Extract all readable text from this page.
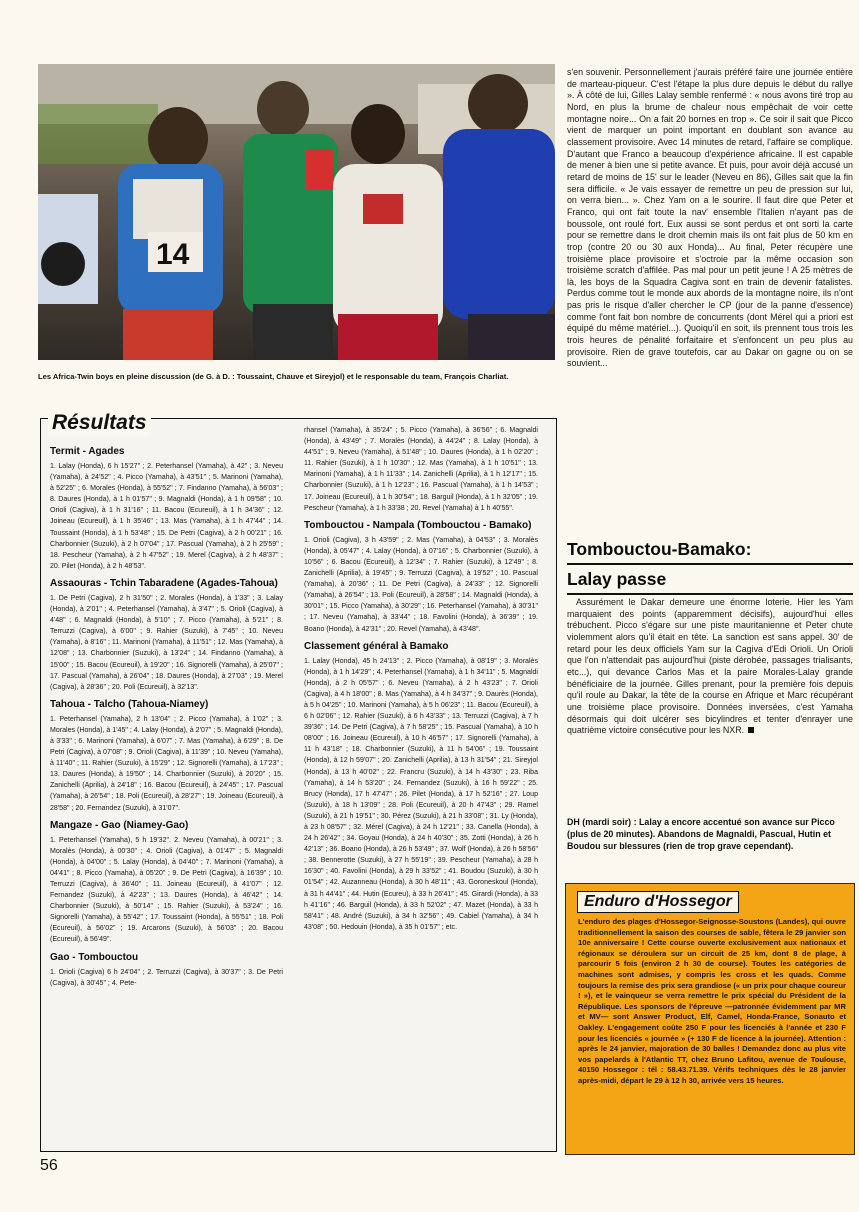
14
Les Africa-Twin boys en pleine discussion (de G. à D. : Toussaint, Chauve et Sireyjol) et le responsable du team, François Charliat.
Résultats
Termit - Agades

1. Lalay (Honda), 6 h 15'27" ; 2. Peterhansel (Yamaha), à 42" ; 3. Neveu (Yamaha), à 24'52" ; 4. Picco (Yamaha), à 43'51" ; 5. Marinoni (Yamaha), à 52'25" ; 6. Morales (Honda), à 55'52" ; 7. Findanno (Yamaha), à 56'03" ; 8. Daures (Honda), à 1 h 01'57" ; 9. Magnaldi (Honda), à 1 h 09'58" ; 10. Orioli (Cagiva), à 1 h 31'16" ; 11. Bacou (Ecureuil), à 1 h 34'36" ; 12. Joineau (Ecureuil), à 1 h 35'46" ; 13. Mas (Yamaha), à 1 h 47'44" ; 14. Toussaint (Honda), à 1 h 53'48" ; 15. De Petri (Cagiva), à 2 h 00'21" ; 16. Charbonnier (Suzuki), à 2 h 07'04" ; 17. Pascual (Yamaha), à 2 h 25'59" ; 18. Pescheur (Yamaha), à 2 h 47'52" ; 19. Merel (Cagiva), à 2 h 48'37" ; 20. Pilet (Honda), à 2 h 48'53".

Assaouras - Tchin Tabaradene (Agades-Tahoua)

1. De Petri (Cagiva), 2 h 31'50" ; 2. Morales (Honda), à 1'33" ; 3. Lalay (Honda), à 2'01" ; 4. Peterhansel (Yamaha), à 3'47" ; 5. Orioli (Cagiva), à 4'48" ; 6. Magnaldi (Honda), à 5'10" ; 7. Picco (Yamaha), à 5'21" ; 8. Terruzzi (Cagiva), à 6'00" ; 9. Rahier (Suzuki), à 7'45" ; 10. Neveu (Yamaha), à 8'16" ; 11. Marinoni (Yamaha), à 11'51" ; 12. Mas (Yamaha), à 12'08" ; 13. Charbonnier (Suzuki), à 13'24" ; 14. Findanno (Yamaha), à 15'00" ; 15. Bacou (Ecureuil), à 19'20" ; 16. Signorelli (Yamaha), à 25'07" ; 17. Pascual (Yamaha), à 26'04" ; 18. Daures (Honda), à 27'03" ; 19. Merel (Cagiva), à 28'36" ; 20. Poli (Ecureuil), à 32'13".

Tahoua - Talcho (Tahoua-Niamey)

1. Peterhansel (Yamaha), 2 h 13'04" ; 2. Picco (Yamaha), à 1'02" ; 3. Morales (Honda), à 1'45" ; 4. Lalay (Honda), à 2'07" ; 5. Magnaldi (Honda), à 3'33" ; 6. Marinoni (Yamaha), à 6'07" ; 7. Mas (Yamaha), à 6'29" ; 8. De Petri (Cagiva), à 07'08" ; 9. Orioli (Cagiva), à 11'39" ; 10. Neveu (Yamaha), à 11'40" ; 11. Rahier (Suzuki), à 15'29" ; 12. Signorelli (Yamaha), à 17'23" ; 13. Daures (Honda), à 19'50" ; 14. Charbonnier (Suzuki), à 20'20" ; 15. Zanichelli (Aprilia), à 24'18" ; 16. Bacou (Ecureuil), à 24'45" ; 17. Pascual (Yamaha), à 26'54" ; 18. Poli (Ecureuil), à 28'27" ; 19. Joineau (Ecureuil), à 28'58" ; 20. Fernandez (Suzuki), à 31'07".

Mangaze - Gao (Niamey-Gao)

1. Peterhansel (Yamaha), 5 h 19'32". 2. Neveu (Yamaha), à 00'21" ; 3. Moralès (Honda), à 00'30" ; 4. Orioli (Cagiva), à 01'47" ; 5. Magnaldi (Honda), à 04'00" ; 5. Lalay (Honda), à 04'40" ; 7. Marinoni (Yamaha), à 04'41" ; 8. Picco (Yamaha), à 05'20" ; 9. De Petri (Cagiva), à 16'39" ; 10. Terruzzi (Cagiva), à 36'40" ; 11. Joineau (Ecureuil), à 41'07" ; 12. Fernandez (Suzuki), à 42'23" ; 13. Daures (Honda), à 46'42" ; 14. Charbonnier (Suzuki), à 50'14" ; 15. Rahier (Suzuki), à 53'24" ; 16. Signorelli (Yamaha), à 55'42" ; 17. Toussaint (Honda), à 55'51" ; 18. Poli (Ecureuil), à 56'02" ; 19. Arcarons (Suzuki), à 56'03" ; 20. Bacou (Ecureuil), à 56'49".

Gao - Tombouctou

1. Orioli (Cagiva) 6 h 24'04" ; 2. Terruzzi (Cagiva), à 30'37" ; 3. De Petri (Cagiva), à 30'45" ; 4. Pete-

rhansel (Yamaha), à 35'24" ; 5. Picco (Yamaha), à 36'56" ; 6. Magnaldi (Honda), à 43'49" ; 7. Moralès (Honda), à 44'24" ; 8. Lalay (Honda), à 44'51" ; 9. Neveu (Yamaha), à 51'48" ; 10. Daures (Honda), à 1 h 02'20" ; 11. Rahier (Suzuki), à 1 h 10'30" ; 12. Mas (Yamaha), à 1 h 10'51" ; 13. Marinoni (Yamaha), à 1 h 11'33" ; 14. Zanichelli (Aprilia), à 1 h 12'17" ; 15. Charbonnier (Suzuki), à 1 h 12'23" ; 16. Pascual (Yamaha), à 1 h 14'53" ; 17. Joineau (Ecureuil), à 1 h 30'54" ; 18. Barguil (Honda), à 1 h 32'05" ; 19. Pescheur (Yamaha), à 1 h 33'38 ; 20. Revel (Yamaha) à 1 h 40'55".

Tombouctou - Nampala (Tombouctou - Bamako)

1. Orioli (Cagiva), 3 h 43'59" ; 2. Mas (Yamaha), à 04'53" ; 3. Moralès (Honda), à 05'47" ; 4. Lalay (Honda), à 07'16" ; 5. Charbonnier (Suzuki), à 10'56" ; 6. Bacou (Ecureuil), à 12'34" ; 7. Rahier (Suzuki), à 12'49" ; 8. Zanichelli (Aprilia), à 19'45" ; 9. Terruzzi (Cagiva), à 19'52" ; 10. Pascual (Yamaha), à 20'36" ; 11. De Petri (Cagiva), à 24'33" ; 12. Signorelli (Yamaha), à 26'54" ; 13. Poli (Ecureuil), à 28'58" ; 14. Magnaldi (Honda), à 30'01" ; 15. Picco (Yamaha), à 30'29" ; 16. Peterhansel (Yamaha), à 30'31" ; 17. Neveu (Yamaha), à 33'44" ; 18. Favolini (Honda), à 36'39" ; 19. Boano (Honda), à 42'31" ; 20. Revel (Yamaha), à 43'48".

Classement général à Bamako

1. Lalay (Honda), 45 h 24'13" ; 2. Picco (Yamaha), à 08'19" ; 3. Moralès (Honda), à 1 h 14'29" ; 4. Peterhansel (Yamaha), à 1 h 34'11" ; 5. Magnaldi (Honda), à 2 h 05'57" ; 6. Neveu (Yamaha), à 2 h 43'23" ; 7. Orioli (Cagiva), à 4 h 18'00" ; 8. Mas (Yamaha), à 4 h 34'37" ; 9. Daurès (Honda), à 5 h 04'25" ; 10. Marinoni (Yamaha), à 5 h 06'23" ; 11. Bacou (Ecureuil), à 6 h 02'06" ; 12. Rahier (Suzuki), à 6 h 43'33" ; 13. Terruzzi (Cagiva), à 7 h 39'36" ; 14. De Petri (Cagiva), à 7 h 58'25" ; 15. Pascual (Yamaha), à 10 h 08'00" ; 16. Joineau (Ecureuil), à 10 h 46'57" ; 17. Signorelli (Yamaha), à 11 h 43'18" ; 18. Charbonnier (Suzuki), à 11 h 54'06" ; 19. Toussaint (Honda), à 12 h 59'07" ; 20. Zanichelli (Aprilia), à 13 h 31'54" ; 21. Sireyjol (Honda), à 13 h 40'02" ; 22. Francru (Suzuki), à 14 h 43'30" ; 23. Riba (Yamaha), à 14 h 53'20" ; 24. Fernandez (Suzuki), à 16 h 59'22" ; 25. Brucy (Honda), 17 h 47'47" ; 26. Pilet (Honda), à 17 h 52'16" ; 27. Loup (Suzuki), à 18 h 13'09" ; 28. Poli (Ecureuil), à 20 h 47'43" ; 29. Ramel (Suzuki), à 21 h 19'51" ; 30. Pérez (Suzuki), à 21 h 33'08" ; 31. Ly (Honda), à 23 h 08'57" ; 32. Mérel (Cagiva), à 24 h 12'21" ; 33. Canella (Honda), à 24 h 26'42" ; 34. Goyau (Honda), à 24 h 40'30" ; 35. Zotti (Honda), à 26 h 42'13" ; 36. Boano (Honda), à 26 h 53'49" ; 37. Wolf (Honda), à 26 h 58'56" ; 38. Bennerotte (Suzuki), à 27 h 55'19" ; 39. Pescheur (Yamaha), à 28 h 16'30" ; 40. Favolini (Honda), à 29 h 33'52" ; 41. Boudou (Suzuki), à 30 h 01'54" ; 42. Auzanneau (Honda), à 30 h 48'11" ; 43. Goroneskoul (Honda), à 31 h 44'41" ; 44. Hutin (Ecureu), à 33 h 26'41" ; 45. Girardi (Honda), à 33 h 41'16" ; 46. Barguil (Honda), à 33 h 52'02" ; 47. Mazet (Honda), à 33 h 58'41" ; 48. André (Suzuki), à 34 h 32'56" ; 49. Cabiel (Yamaha), à 34 h 43'08" ; 50. Hedouin (Honda), à 35 h 01'57" ; etc.

s'en souvenir. Personnellement j'aurais préféré faire une journée entière de marteau-piqueur. C'est l'étape la plus dure depuis le début du rallye ». À côté de lui, Gilles Lalay semble renfermé : « nous avons tiré trop au Nord, en plus la brume de chaleur nous empêchait de voir cette montagne noire... On a fait 20 bornes en trop ». Ce soir il sait que Picco vient de marquer un point important en doublant son avance au classement provisoire. Avec 14 minutes de retard, l'affaire se complique. D'autant que Franco a beaucoup d'expérience africaine. Il est capable de mener à bien une si petite avance. Et puis, pour avoir déjà accusé un retard de moins de 15' sur le leader (Neveu en 86), Gilles sait que la fin sera difficile. « Je vais essayer de remettre un peu de pression sur lui, on verra bien... ». Chez Yam on a le sourire. Il faut dire que Peter et Franco, qui ont fait toute la nav' ensemble l'Italien n'ayant pas de boussole, ont roulé fort. Eux aussi se sont perdus et ont sorti la carte pour se remettre dans le droit chemin mais ils ont fait plus de 50 km en trop (contre 20 ou 30 aux Honda)... Au final, Peter récupère une troisième place provisoire et s'octroie par la même occasion son troisième scratch d'affilée. Pas mal pour un petit jeune ! A 25 mètres de là, les boys de la Squadra Cagiva sont en train de devenir fatalistes. Perdus comme tout le monde aux abords de la montagne noire, ils n'ont pas pris le risque d'aller chercher le CP (jour de la panne d'essence) comme l'ont fait bon nombre de concurrents (dont Mérel qui a priori est équipé du même matériel...). Quoiqu'il en soit, ils prennent tous trois les trois heures de pénalité forfaitaire et s'enfoncent un peu plus au provisoire. Rien de grave toutefois, car au Dakar on gagne ou on se souvient...
Tombouctou-Bamako:
Lalay passe

Assurément le Dakar demeure une énorme loterie. Hier les Yam marquaient des points (apparemment décisifs), aujourd'hui elles trébuchent. Picco s'égare sur une piste mauritanienne et Peter chute violemment alors qu'il était en tête. La sanction est sans appel. 30' de retard pour les deux officiels Yam sur la Cagiva d'Edi Orioli. Un Orioli que l'on n'attendait pas aujourd'hui (piste dérobée, passages trialisants, etc...), qui devance Carlos Mas et la paire Morales-Lalay grande bénéficiaire de la journée. Gilles prenant, pour la première fois depuis qu'il roule au Dakar, la tête de la course en Afrique et Marc récupérant une troisième place provisoire. Données inversées, c'est Yamaha désormais qui doit ulcérer ses bicylindres et tenter d'enrayer une quatrième victoire consécutive pour les NXR.

DH (mardi soir) : Lalay a encore accentué son avance sur Picco (plus de 20 minutes). Abandons de Magnaldi, Pascual, Hutin et Boudou sur blessures (rien de trop grave cependant).
Enduro d'Hossegor
L'enduro des plages d'Hossegor-Seignosse-Soustons (Landes), qui ouvre traditionnellement la saison des courses de sable, fêtera le 29 janvier son 10e anniversaire ! Cette course ouverte exclusivement aux nationaux et régionaux se déroulera sur un circuit de 25 km, dont 8 de plage, à parcourir 5 fois (environ 2 h 30 de course). Toutes les catégories de machines sont admises, y compris les cross et les quads. Comme toujours la remise des prix sera grandiose (« un prix pour chaque coureur ! »), et le vainqueur se verra remettre le prix spécial du Président de la République. Les sponsors de l'épreuve —patronnée évidemment par MR et MV— sont Answer Product, Elf, Camel, Honda-France, Sonauto et Oakley. L'engagement coûte 250 F pour les licenciés à l'année et 230 F pour les licenciés « journée » (+ 130 F de licence à la journée). Attention : après le 24 janvier, majoration de 30 balles ! Demandez donc au plus vite vos papelards à l'Atlantic TT, chez Bruno Lafitou, avenue de Toulouse, 40150 Hossegor : tél : 58.43.71.39. Vérifs techniques dès le 28 janvier après-midi, départ le 29 à 12 h 30, arrivée vers 15 heures.
56
